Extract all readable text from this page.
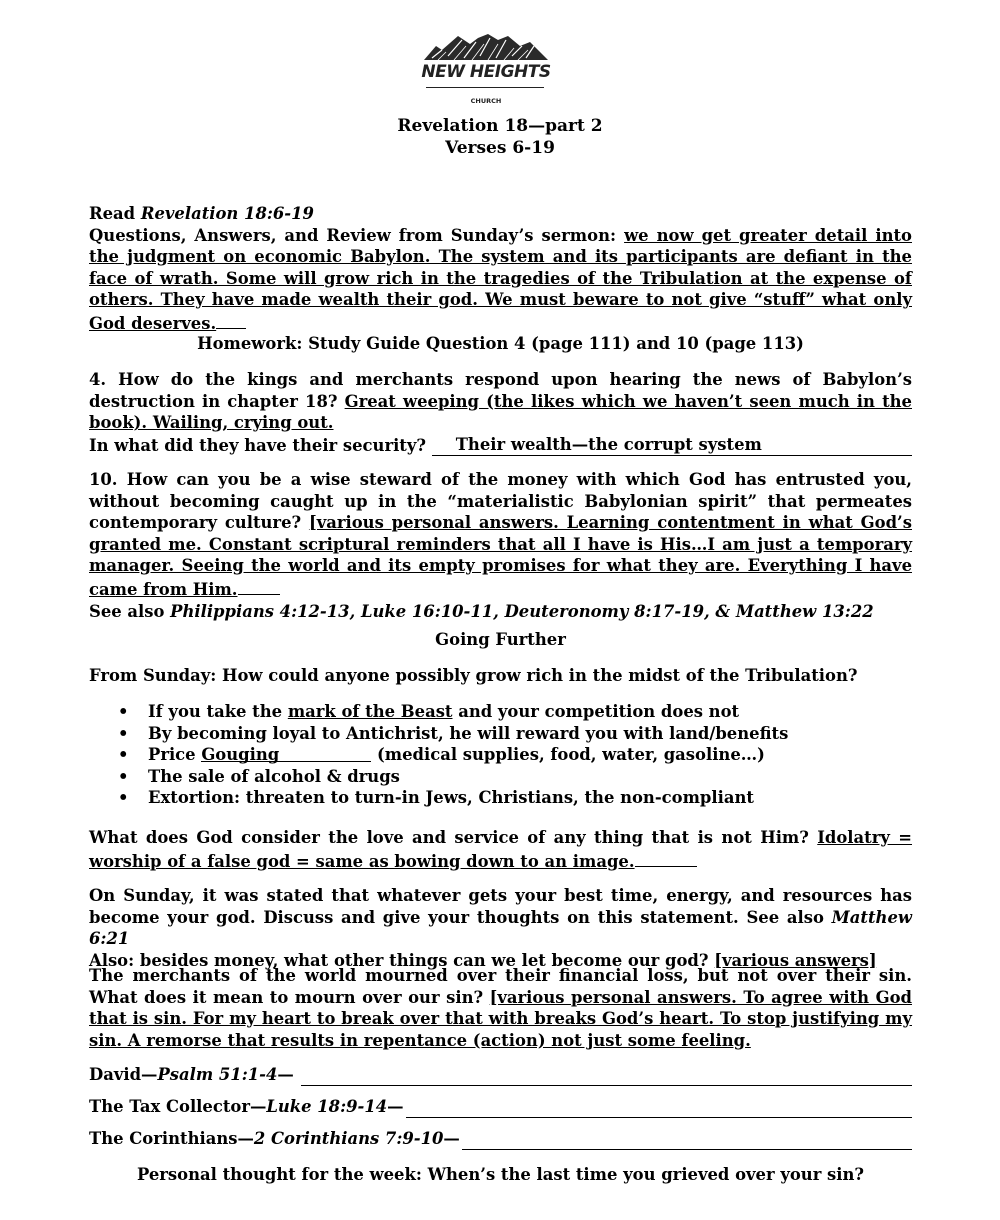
NEW HEIGHTS
CHURCH
Revelation 18—part 2
Verses 6-19
Read Revelation 18:6-19
Questions, Answers, and Review from Sunday’s sermon: we now get greater detail into the judgment on economic Babylon. The system and its participants are defiant in the face of wrath. Some will grow rich in the tragedies of the Tribulation at the expense of others. They have made wealth their god. We must beware to not give “stuff” what only God deserves.
Homework: Study Guide Question 4 (page 111) and 10 (page 113)
4. How do the kings and merchants respond upon hearing the news of Babylon’s destruction in chapter 18? Great weeping (the likes which we haven’t seen much in the book). Wailing, crying out.
In what did they have their security?	Their wealth—the corrupt system
10. How can you be a wise steward of the money with which God has entrusted you, without becoming caught up in the “materialistic Babylonian spirit” that permeates contemporary culture? [various personal answers. Learning contentment in what God’s granted me. Constant scriptural reminders that all I have is His…I am just a temporary manager. Seeing the world and its empty promises for what they are. Everything I have came from Him.
See also Philippians 4:12-13, Luke 16:10-11, Deuteronomy 8:17-19, & Matthew 13:22
Going Further
From Sunday: How could anyone possibly grow rich in the midst of the Tribulation?
• If you take the mark of the Beast and your competition does not
• By becoming loyal to Antichrist, he will reward you with land/benefits
• Price Gouging	(medical supplies, food, water, gasoline…)
• The sale of alcohol & drugs
• Extortion: threaten to turn-in Jews, Christians, the non-compliant
What does God consider the love and service of any thing that is not Him? Idolatry = worship of a false god = same as bowing down to an image.
On Sunday, it was stated that whatever gets your best time, energy, and resources has become your god. Discuss and give your thoughts on this statement. See also Matthew 6:21
Also: besides money, what other things can we let become our god? [various answers]
The merchants of the world mourned over their financial loss, but not over their sin. What does it mean to mourn over our sin? [various personal answers. To agree with God that is sin. For my heart to break over that with breaks God’s heart. To stop justifying my sin. A remorse that results in repentance (action) not just some feeling.
David— Psalm 51:1-4 —
The Tax Collector— Luke 18:9-14 —
The Corinthians— 2 Corinthians 7:9-10 —
Personal thought for the week: When’s the last time you grieved over your sin?
